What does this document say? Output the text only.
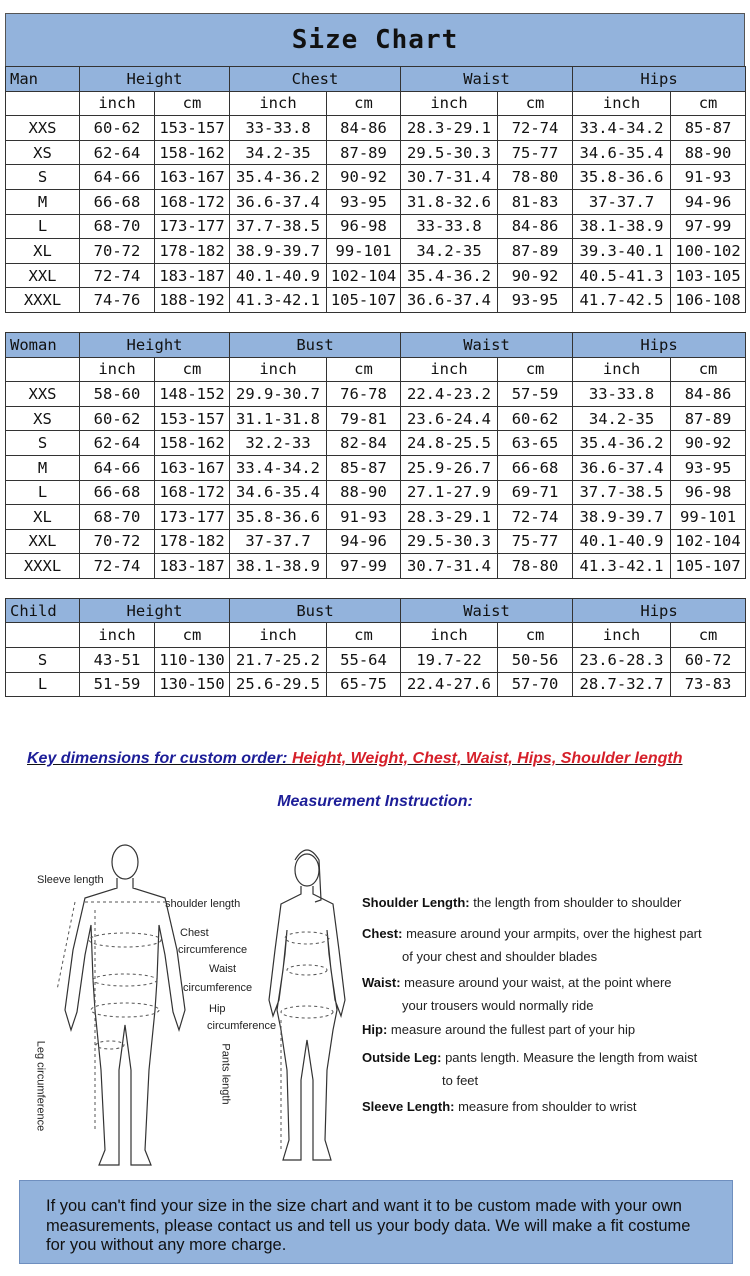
Size Chart
Man	Height		Chest		Waist		Hips	
	inch	cm	inch	cm	inch	cm	inch	cm
XXS	60-62	153-157	33-33.8	84-86	28.3-29.1	72-74	33.4-34.2	85-87
XS	62-64	158-162	34.2-35	87-89	29.5-30.3	75-77	34.6-35.4	88-90
S	64-66	163-167	35.4-36.2	90-92	30.7-31.4	78-80	35.8-36.6	91-93
M	66-68	168-172	36.6-37.4	93-95	31.8-32.6	81-83	37-37.7	94-96
L	68-70	173-177	37.7-38.5	96-98	33-33.8	84-86	38.1-38.9	97-99
XL	70-72	178-182	38.9-39.7	99-101	34.2-35	87-89	39.3-40.1	100-102
XXL	72-74	183-187	40.1-40.9	102-104	35.4-36.2	90-92	40.5-41.3	103-105
XXXL	74-76	188-192	41.3-42.1	105-107	36.6-37.4	93-95	41.7-42.5	106-108

Woman	Height		Bust		Waist		Hips	
	inch	cm	inch	cm	inch	cm	inch	cm
XXS	58-60	148-152	29.9-30.7	76-78	22.4-23.2	57-59	33-33.8	84-86
XS	60-62	153-157	31.1-31.8	79-81	23.6-24.4	60-62	34.2-35	87-89
S	62-64	158-162	32.2-33	82-84	24.8-25.5	63-65	35.4-36.2	90-92
M	64-66	163-167	33.4-34.2	85-87	25.9-26.7	66-68	36.6-37.4	93-95
L	66-68	168-172	34.6-35.4	88-90	27.1-27.9	69-71	37.7-38.5	96-98
XL	68-70	173-177	35.8-36.6	91-93	28.3-29.1	72-74	38.9-39.7	99-101
XXL	70-72	178-182	37-37.7	94-96	29.5-30.3	75-77	40.1-40.9	102-104
XXXL	72-74	183-187	38.1-38.9	97-99	30.7-31.4	78-80	41.3-42.1	105-107

Child	Height		Bust		Waist		Hips	
	inch	cm	inch	cm	inch	cm	inch	cm
S	43-51	110-130	21.7-25.2	55-64	19.7-22	50-56	23.6-28.3	60-72
L	51-59	130-150	25.6-29.5	65-75	22.4-27.6	57-70	28.7-32.7	73-83
Key dimensions for custom order: Height, Weight, Chest, Waist, Hips, Shoulder length
Measurement Instruction:
Sleeve length
shoulder length
Chest
circumference
Waist
circumference
Hip
circumference
Leg circumference	Pants length
Shoulder Length: the length from shoulder to shoulder
Chest: measure around your armpits, over the highest part
of your chest and shoulder blades
Waist: measure around your waist, at the point where
your trousers would normally ride
Hip: measure around the fullest part of your hip
Outside Leg: pants length. Measure the length from waist
to feet
Sleeve Length: measure from shoulder to wrist
If you can't find your size in the size chart and want it to be custom made with your own measurements, please contact us and tell us your body data. We will make a fit costume for you without any more charge.
